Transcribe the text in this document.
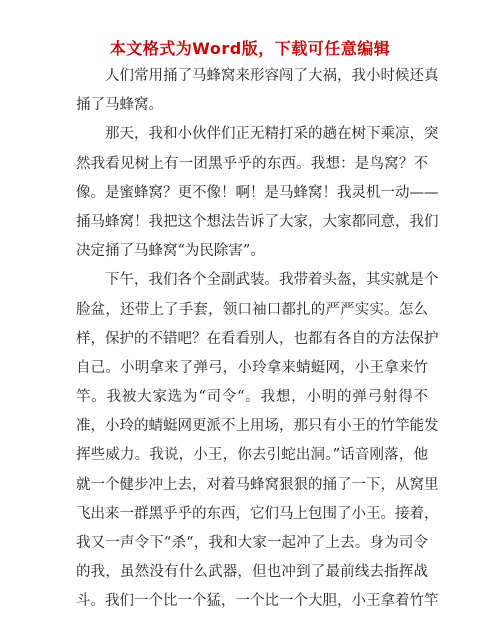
本文格式为Word版，下载可任意编辑
　　人们常用捅了马蜂窝来形容闯了大祸，我小时候还真
捅了马蜂窝。
　　那天，我和小伙伴们正无精打采的趟在树下乘凉，突
然我看见树上有一团黑乎乎的东西。我想：是鸟窝？不
像。是蜜蜂窝？更不像！啊！是马蜂窝！我灵机一动——
捅马蜂窝！我把这个想法告诉了大家，大家都同意，我们
决定捅了马蜂窝“为民除害”。
　　下午，我们各个全副武装。我带着头盔，其实就是个
脸盆，还带上了手套，领口袖口都扎的严严实实。怎么
样，保护的不错吧？在看看别人，也都有各自的方法保护
自己。小明拿来了弹弓，小玲拿来蜻蜓网，小王拿来竹
竿。我被大家选为“司令“。我想，小明的弹弓射得不
准，小玲的蜻蜓网更派不上用场，那只有小王的竹竿能发
挥些威力。我说，小王，你去引蛇出洞。”话音刚落，他
就一个健步冲上去，对着马蜂窝狠狠的捅了一下，从窝里
飞出来一群黑乎乎的东西，它们马上包围了小王。接着，
我又一声令下“杀“，我和大家一起冲了上去。身为司令
的我，虽然没有什么武器，但也冲到了最前线去指挥战
斗。我们一个比一个猛，一个比一个大胆，小王拿着竹竿
